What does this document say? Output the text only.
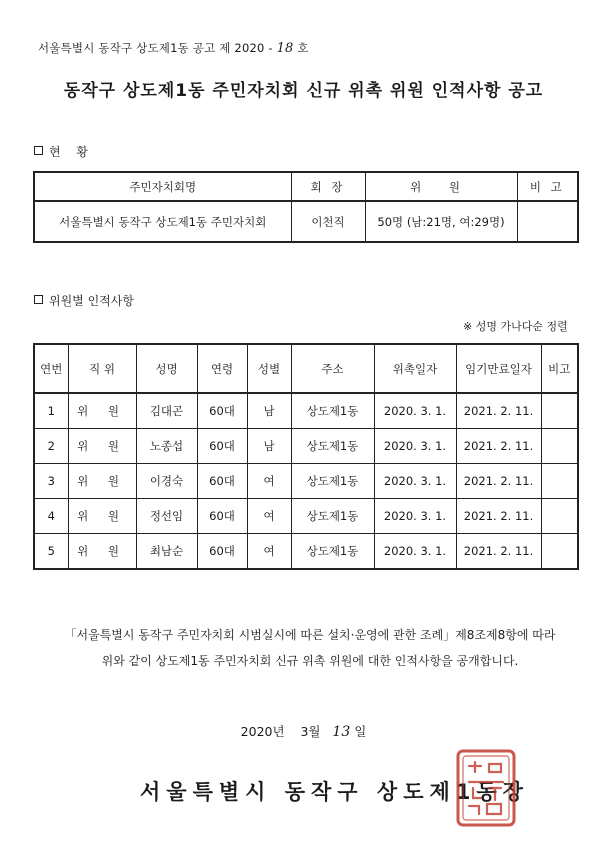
서울특별시 동작구 상도제1동 공고 제 2020 - 18 호
동작구 상도제1동 주민자치회 신규 위촉 위원 인적사항 공고
현 황
주민자치회명	회 장	위 원	비 고
서울특별시 동작구 상도제1동 주민자치회	이천직	50명 (남:21명, 여:29명)	
위원별 인적사항
※ 성명 가나다순 정렬
연번	직 위	성명	연령	성별	주소	위촉일자	임기만료일자	비고
1	위 원	김대곤	60대	남	상도제1동	2020. 3. 1.	2021. 2. 11.	
2	위 원	노종섭	60대	남	상도제1동	2020. 3. 1.	2021. 2. 11.	
3	위 원	이경숙	60대	여	상도제1동	2020. 3. 1.	2021. 2. 11.	
4	위 원	정선임	60대	여	상도제1동	2020. 3. 1.	2021. 2. 11.	
5	위 원	최남순	60대	여	상도제1동	2020. 3. 1.	2021. 2. 11.	
「서울특별시 동작구 주민자치회 시범실시에 따른 설치·운영에 관한 조례」제8조제8항에 따라
위와 같이 상도제1동 주민자치회 신규 위촉 위원에 대한 인적사항을 공개합니다.
2020년 3월 13 일
서울특별시 동작구 상도제1동장
